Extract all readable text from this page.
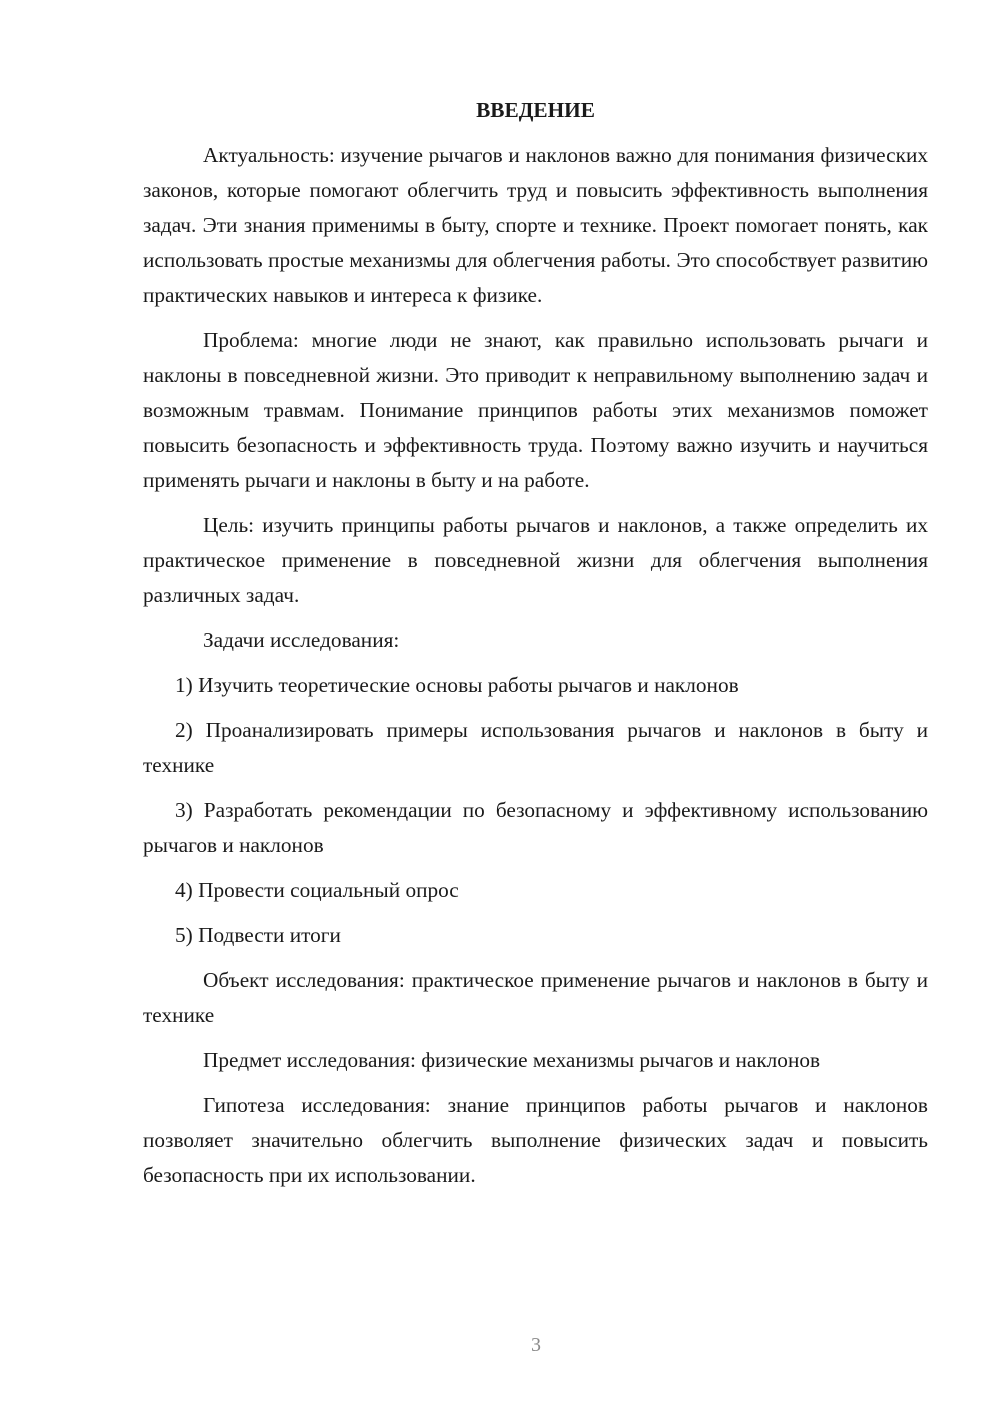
ВВЕДЕНИЕ

Актуальность: изучение рычагов и наклонов важно для понимания физических законов, которые помогают облегчить труд и повысить эффективность выполнения задач. Эти знания применимы в быту, спорте и технике. Проект помогает понять, как использовать простые механизмы для облегчения работы. Это способствует развитию практических навыков и интереса к физике.

Проблема: многие люди не знают, как правильно использовать рычаги и наклоны в повседневной жизни. Это приводит к неправильному выполнению задач и возможным травмам. Понимание принципов работы этих механизмов поможет повысить безопасность и эффективность труда. Поэтому важно изучить и научиться применять рычаги и наклоны в быту и на работе.

Цель: изучить принципы работы рычагов и наклонов, а также определить их практическое применение в повседневной жизни для облегчения выполнения различных задач.

Задачи исследования:

1) Изучить теоретические основы работы рычагов и наклонов

2) Проанализировать примеры использования рычагов и наклонов в быту и технике

3) Разработать рекомендации по безопасному и эффективному использованию рычагов и наклонов

4) Провести социальный опрос

5) Подвести итоги

Объект исследования: практическое применение рычагов и наклонов в быту и технике

Предмет исследования: физические механизмы рычагов и наклонов

Гипотеза исследования: знание принципов работы рычагов и наклонов позволяет значительно облегчить выполнение физических задач и повысить безопасность при их использовании.

3
